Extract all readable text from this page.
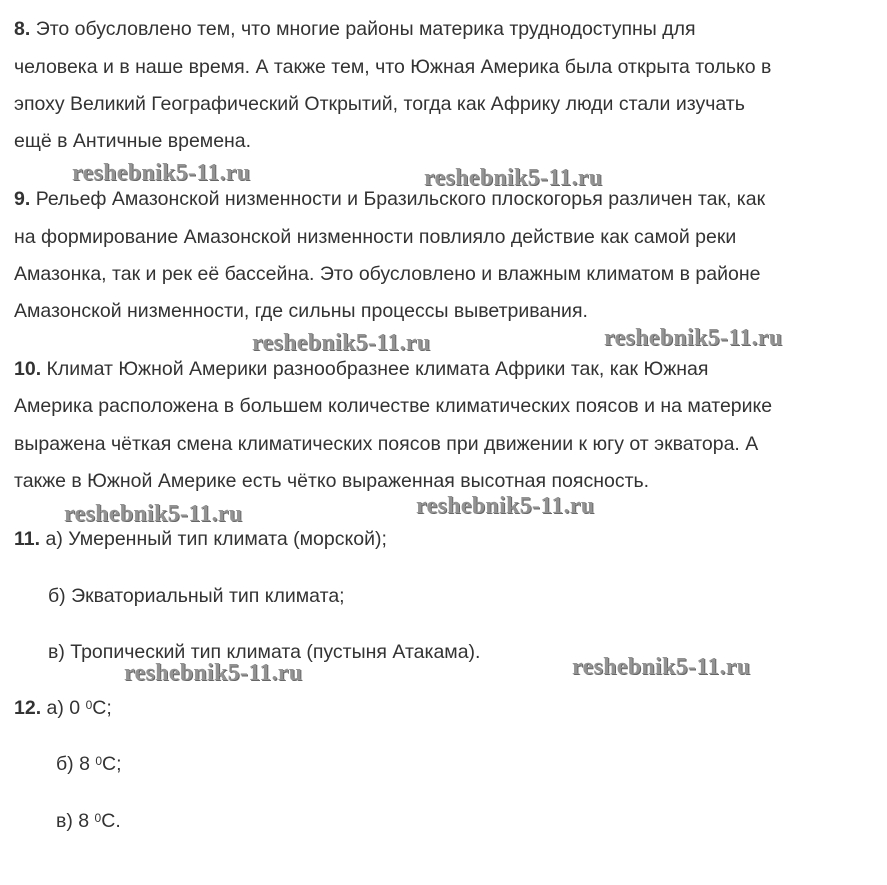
8. Это обусловлено тем, что многие районы материка труднодоступны для
человека и в наше время. А также тем, что Южная Америка была открыта только в
эпоху Великий Географический Открытий, тогда как Африку люди стали изучать
ещё в Античные времена.
9. Рельеф Амазонской низменности и Бразильского плоскогорья различен так, как
на формирование Амазонской низменности повлияло действие как самой реки
Амазонка, так и рек её бассейна. Это обусловлено и влажным климатом в районе
Амазонской низменности, где сильны процессы выветривания.
10. Климат Южной Америки разнообразнее климата Африки так, как Южная
Америка расположена в большем количестве климатических поясов и на материке
выражена чёткая смена климатических поясов при движении к югу от экватора. А
также в Южной Америке есть чётко выраженная высотная поясность.
11. а) Умеренный тип климата (морской);
б) Экваториальный тип климата;
в) Тропический тип климата (пустыня Атакама).
12. а) 0 $^0$С;
б) 8 $^0$С;
в) 8 $^0$С.
reshebnik5-11.ru	reshebnik5-11.ru
reshebnik5-11.ru	reshebnik5-11.ru
reshebnik5-11.ru	reshebnik5-11.ru
reshebnik5-11.ru	reshebnik5-11.ru
